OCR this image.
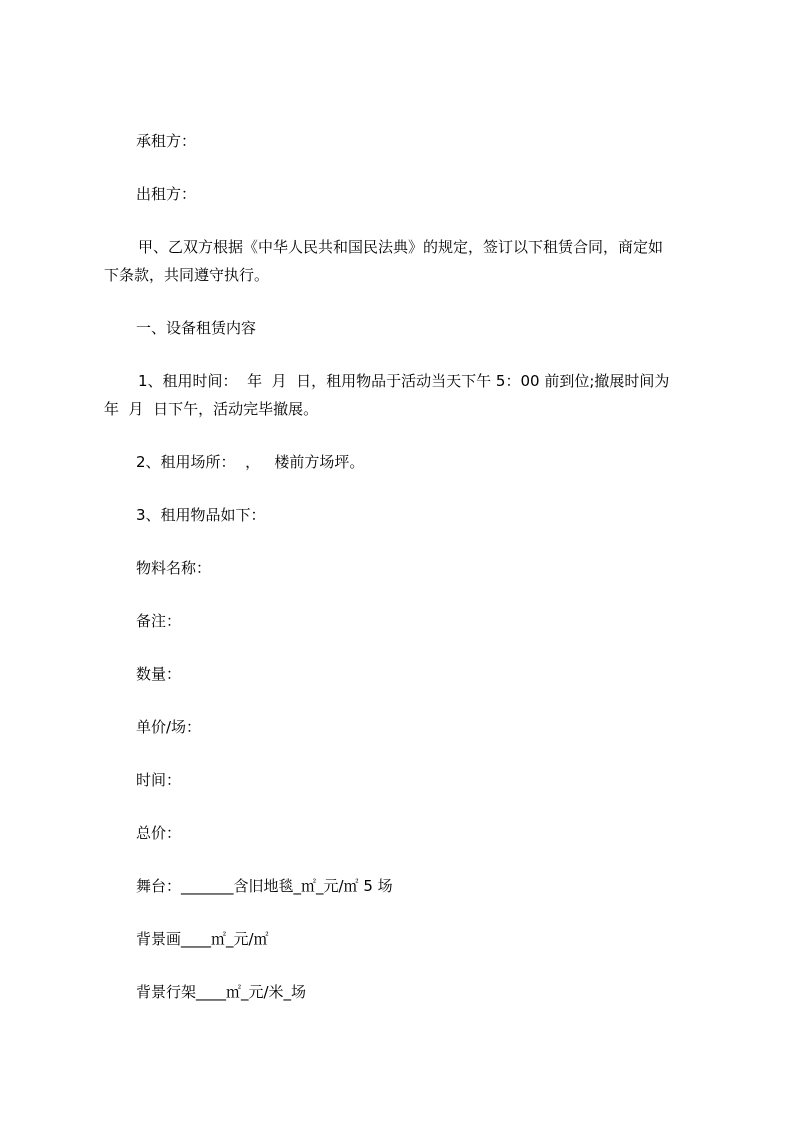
承租方：

出租方：

甲、乙双方根据《中华人民共和国民法典》的规定，签订以下租赁合同，商定如

下条款，共同遵守执行。

一、设备租赁内容

1、租用时间：  年  月  日，租用物品于活动当天下午 5：00 前到位;撤展时间为

年  月  日下午，活动完毕撤展。

2、租用场所：  ，   楼前方场坪。

3、租用物品如下：

物料名称：

备注：

数量：

单价/场：

时间：

总价：

舞台：_______含旧地毯_㎡_元/㎡ 5 场

背景画____㎡_元/㎡

背景行架____㎡_元/米_场
